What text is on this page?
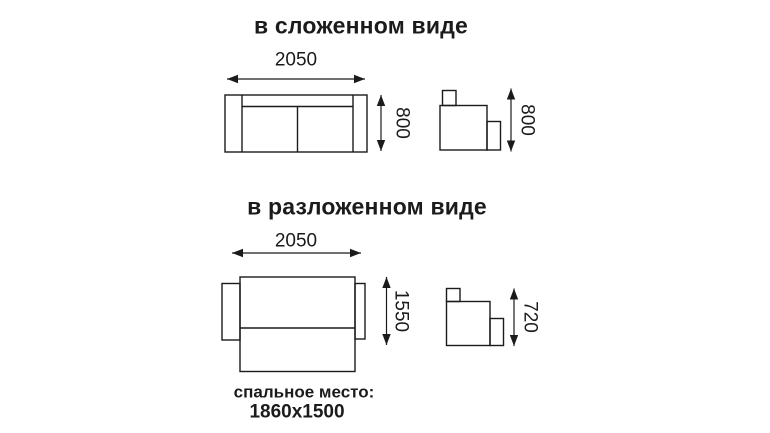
в сложенном виде
2050
800	800
в разложенном виде
2050
1550	720
спальное место:
1860х1500
